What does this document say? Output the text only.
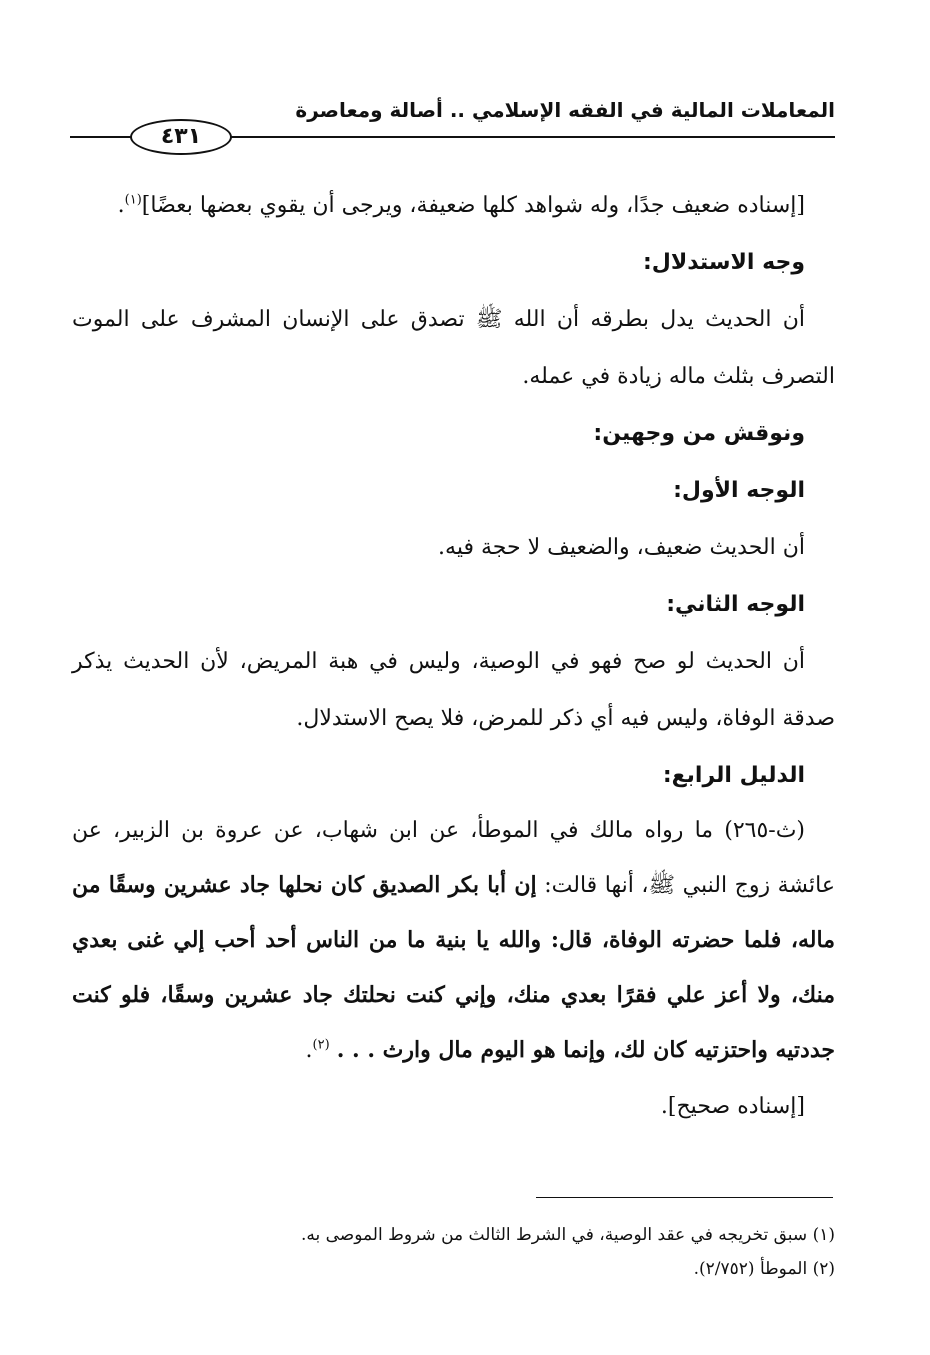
المعاملات المالية في الفقه الإسلامي .. أصالة ومعاصرة
٤٣١
[إسناده ضعيف جدًا، وله شواهد كلها ضعيفة، ويرجى أن يقوي بعضها بعضًا]$^{(١)}$.
وجه الاستدلال:
أن الحديث يدل بطرقه أن الله ﷺ تصدق على الإنسان المشرف على الموت التصرف بثلث ماله زيادة في عمله.
ونوقش من وجهين:
الوجه الأول:
أن الحديث ضعيف، والضعيف لا حجة فيه.
الوجه الثاني:
أن الحديث لو صح فهو في الوصية، وليس في هبة المريض، لأن الحديث يذكر صدقة الوفاة، وليس فيه أي ذكر للمرض، فلا يصح الاستدلال.
الدليل الرابع:
(ث-٢٦٥) ما رواه مالك في الموطأ، عن ابن شهاب، عن عروة بن الزبير، عن عائشة زوج النبي ﷺ، أنها قالت: إن أبا بكر الصديق كان نحلها جاد عشرين وسقًا من ماله، فلما حضرته الوفاة، قال: والله يا بنية ما من الناس أحد أحب إلي غنى بعدي منك، ولا أعز علي فقرًا بعدي منك، وإني كنت نحلتك جاد عشرين وسقًا، فلو كنت جددتيه واحتزتيه كان لك، وإنما هو اليوم مال وارث . . . $^{(٢)}$.
[إسناده صحيح].
(١) سبق تخريجه في عقد الوصية، في الشرط الثالث من شروط الموصى به.
(٢) الموطأ (٢/٧٥٢).
